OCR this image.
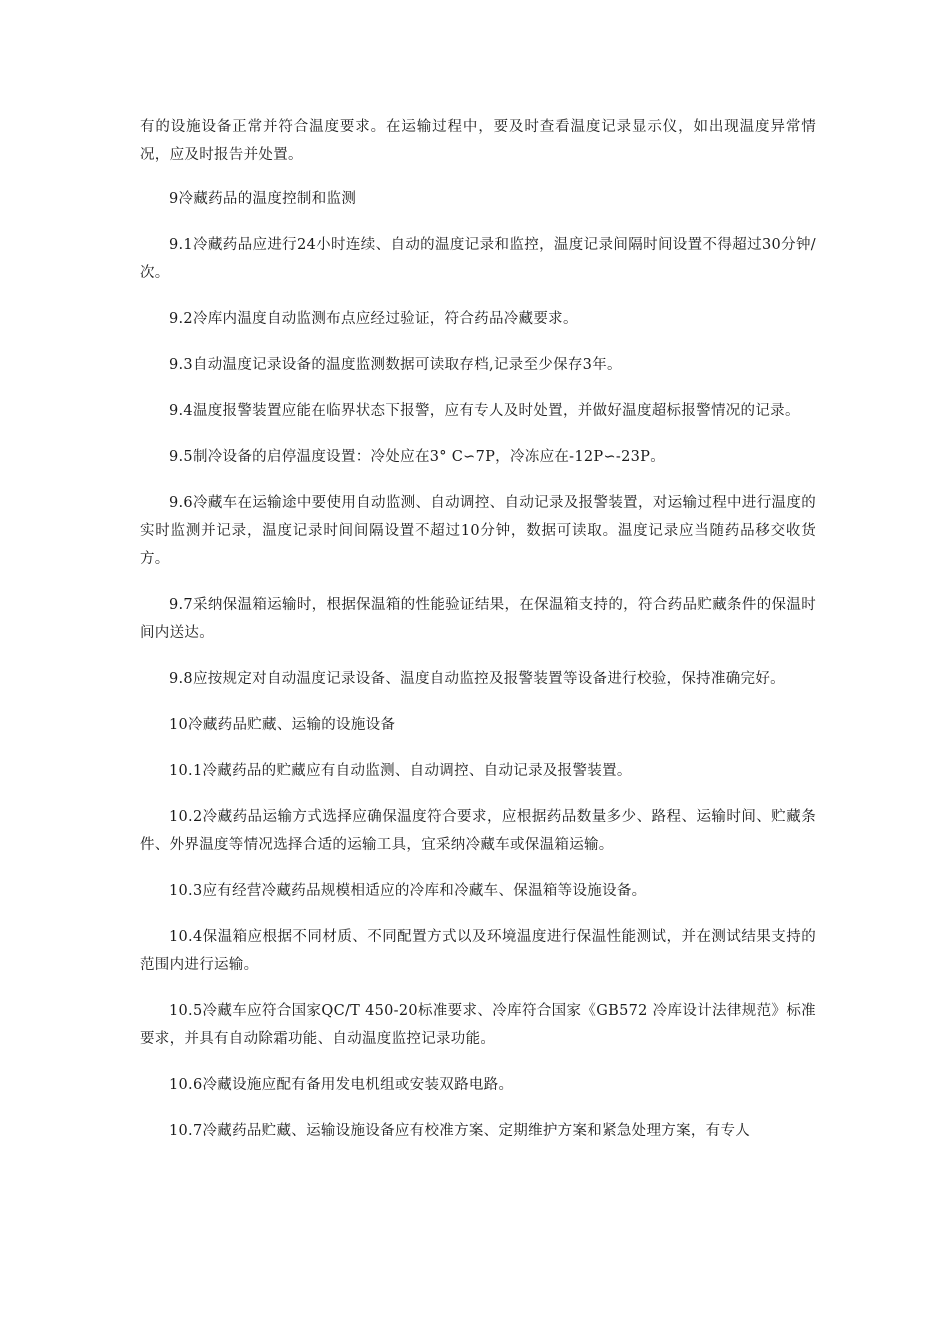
有的设施设备正常并符合温度要求。在运输过程中，要及时查看温度记录显示仪，如出现温度异常情况，应及时报告并处置。

9冷藏药品的温度控制和监测

9.1冷藏药品应进行24小时连续、自动的温度记录和监控，温度记录间隔时间设置不得超过30分钟/次。

9.2冷库内温度自动监测布点应经过验证，符合药品冷藏要求。

9.3自动温度记录设备的温度监测数据可读取存档,记录至少保存3年。

9.4温度报警装置应能在临界状态下报警，应有专人及时处置，并做好温度超标报警情况的记录。

9.5制冷设备的启停温度设置：冷处应在3° C∽7P，冷冻应在-12P∽-23P。

9.6冷藏车在运输途中要使用自动监测、自动调控、自动记录及报警装置，对运输过程中进行温度的实时监测并记录，温度记录时间间隔设置不超过10分钟，数据可读取。温度记录应当随药品移交收货方。

9.7采纳保温箱运输时，根据保温箱的性能验证结果，在保温箱支持的，符合药品贮藏条件的保温时间内送达。

9.8应按规定对自动温度记录设备、温度自动监控及报警装置等设备进行校验，保持准确完好。

10冷藏药品贮藏、运输的设施设备

10.1冷藏药品的贮藏应有自动监测、自动调控、自动记录及报警装置。

10.2冷藏药品运输方式选择应确保温度符合要求，应根据药品数量多少、路程、运输时间、贮藏条件、外界温度等情况选择合适的运输工具，宜采纳冷藏车或保温箱运输。

10.3应有经营冷藏药品规模相适应的冷库和冷藏车、保温箱等设施设备。

10.4保温箱应根据不同材质、不同配置方式以及环境温度进行保温性能测试，并在测试结果支持的范围内进行运输。

10.5冷藏车应符合国家QC/T 450-20标准要求、冷库符合国家《GB572 冷库设计法律规范》标准要求，并具有自动除霜功能、自动温度监控记录功能。

10.6冷藏设施应配有备用发电机组或安装双路电路。

10.7冷藏药品贮藏、运输设施设备应有校准方案、定期维护方案和紧急处理方案，有专人
